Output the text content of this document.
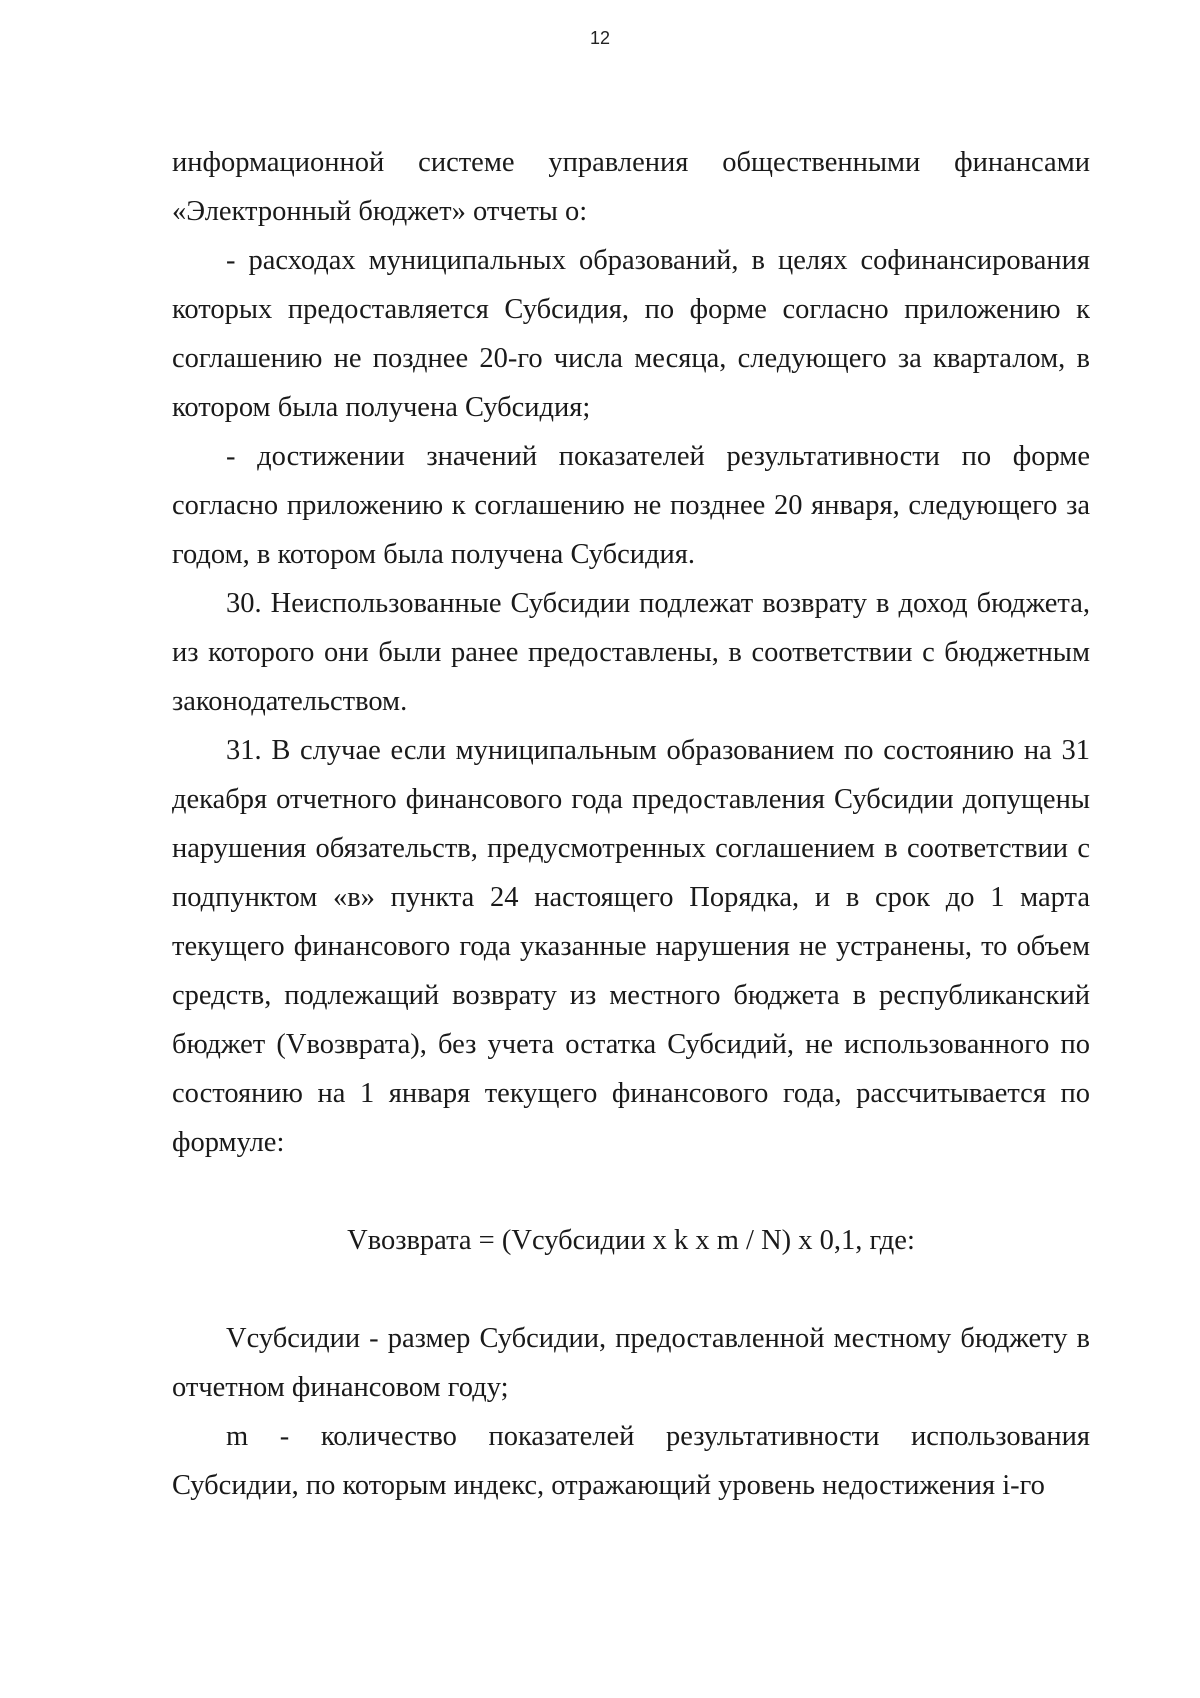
12

информационной системе управления общественными финансами «Электронный бюджет» отчеты о:

- расходах муниципальных образований, в целях софинансирования которых предоставляется Субсидия, по форме согласно приложению к соглашению не позднее 20-го числа месяца, следующего за кварталом, в котором была получена Субсидия;

- достижении значений показателей результативности по форме согласно приложению к соглашению не позднее 20 января, следующего за годом, в котором была получена Субсидия.

30. Неиспользованные Субсидии подлежат возврату в доход бюджета, из которого они были ранее предоставлены, в соответствии с бюджетным законодательством.

31. В случае если муниципальным образованием по состоянию на 31 декабря отчетного финансового года предоставления Субсидии допущены нарушения обязательств, предусмотренных соглашением в соответствии с подпунктом «в» пункта 24 настоящего Порядка, и в срок до 1 марта текущего финансового года указанные нарушения не устранены, то объем средств, подлежащий возврату из местного бюджета в республиканский бюджет (Vвозврата), без учета остатка Субсидий, не использованного по состоянию на 1 января текущего финансового года, рассчитывается по формуле:

Vвозврата = (Vсубсидии x k x m / N) x 0,1, где:

Vсубсидии - размер Субсидии, предоставленной местному бюджету в отчетном финансовом году;

m - количество показателей результативности использования Субсидии, по которым индекс, отражающий уровень недостижения i-го
